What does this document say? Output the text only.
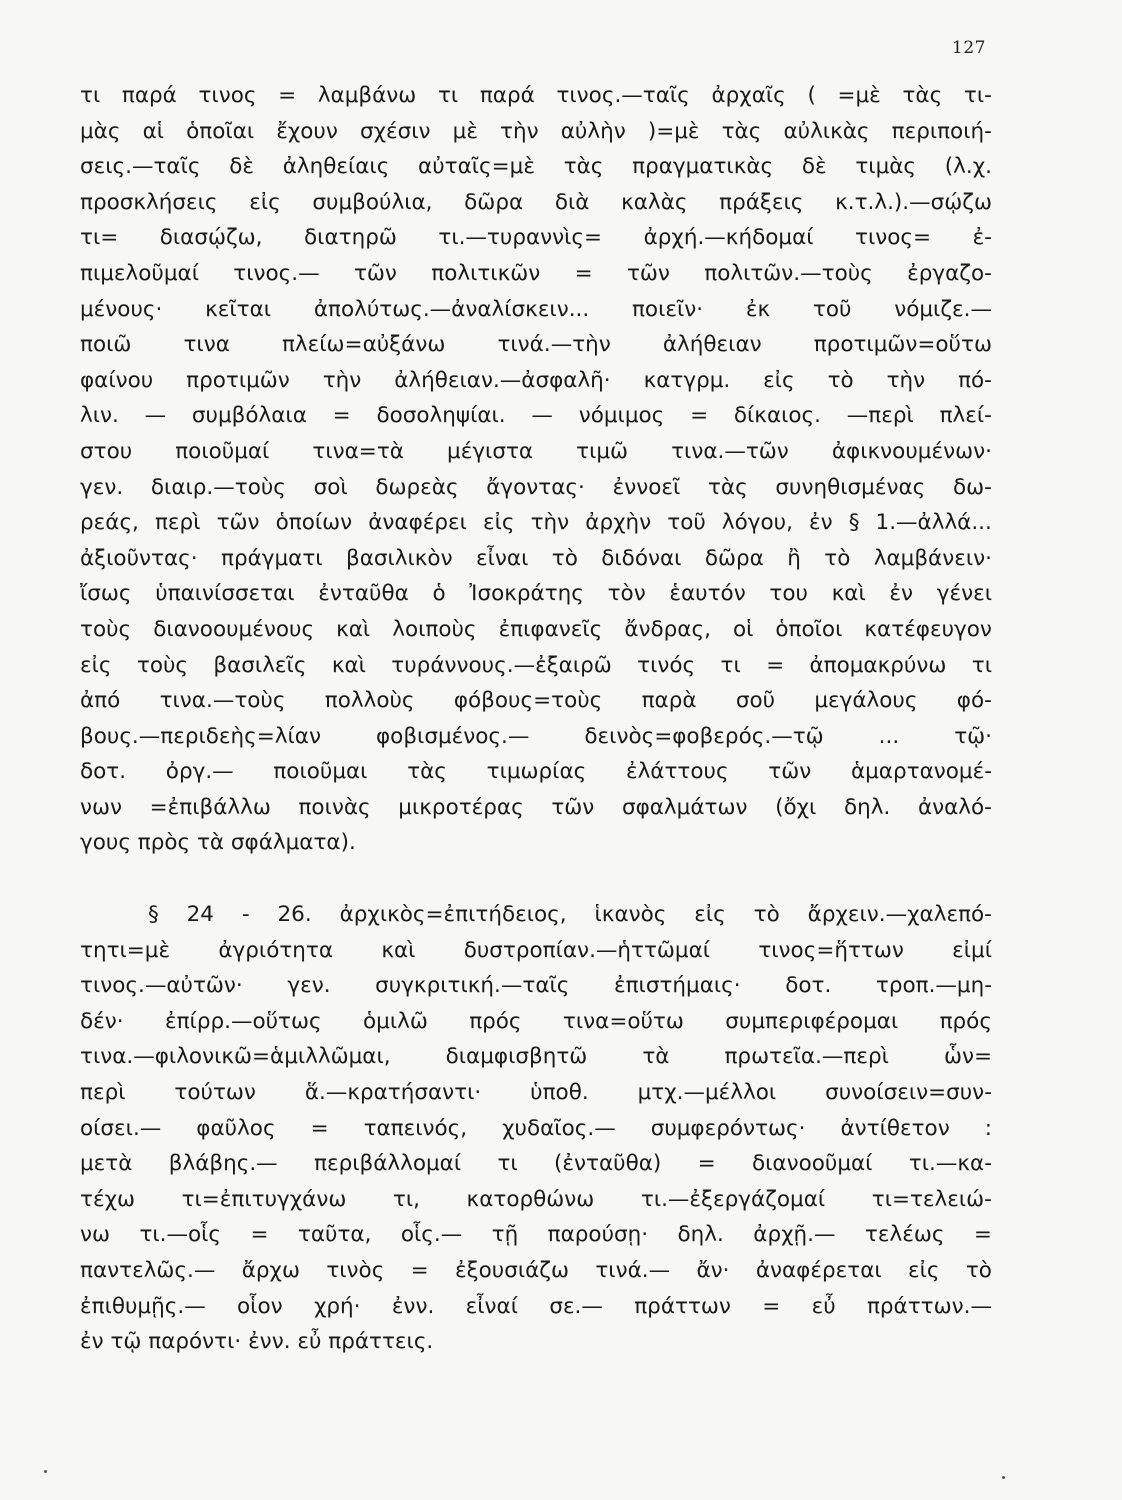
127
τι παρά τινος = λαμβάνω τι παρά τινος.—ταῖς ἀρχαῖς ( =μὲ τὰς τι-
μὰς αἱ ὁποῖαι ἔχουν σχέσιν μὲ τὴν αὐλὴν )=μὲ τὰς αὐλικὰς περιποιή-
σεις.—ταῖς δὲ ἀληθείαις αὐταῖς=μὲ τὰς πραγματικὰς δὲ τιμὰς (λ.χ.
προσκλήσεις εἰς συμβούλια, δῶρα διὰ καλὰς πράξεις κ.τ.λ.).—σῴζω
τι= διασῴζω, διατηρῶ τι.—τυραννὶς= ἀρχή.—κήδομαί τινος= ἐ-
πιμελοῦμαί τινος.— τῶν πολιτικῶν = τῶν πολιτῶν.—τοὺς ἐργαζο-
μένους· κεῖται ἀπολύτως.—ἀναλίσκειν... ποιεῖν· ἐκ τοῦ νόμιζε.—
ποιῶ τινα πλείω=αὐξάνω τινά.—τὴν ἀλήθειαν προτιμῶν=οὕτω
φαίνου προτιμῶν τὴν ἀλήθειαν.—ἀσφαλῆ· κατγρμ. εἰς τὸ τὴν πό-
λιν. — συμβόλαια = δοσοληψίαι. — νόμιμος = δίκαιος. —περὶ πλεί-
στου ποιοῦμαί τινα=τὰ μέγιστα τιμῶ τινα.—τῶν ἀφικνουμένων·
γεν. διαιρ.—τοὺς σοὶ δωρεὰς ἄγοντας· ἐννοεῖ τὰς συνηθισμένας δω-
ρεάς, περὶ τῶν ὁποίων ἀναφέρει εἰς τὴν ἀρχὴν τοῦ λόγου, ἐν § 1.—ἀλλά...
ἀξιοῦντας· πράγματι βασιλικὸν εἶναι τὸ διδόναι δῶρα ἢ τὸ λαμβάνειν·
ἴσως ὑπαινίσσεται ἐνταῦθα ὁ Ἰσοκράτης τὸν ἑαυτόν του καὶ ἐν γένει
τοὺς διανοουμένους καὶ λοιποὺς ἐπιφανεῖς ἄνδρας, οἱ ὁποῖοι κατέφευγον
εἰς τοὺς βασιλεῖς καὶ τυράννους.—ἐξαιρῶ τινός τι = ἀπομακρύνω τι
ἀπό τινα.—τοὺς πολλοὺς φόβους=τοὺς παρὰ σοῦ μεγάλους φό-
βους.—περιδεὴς=λίαν	φοβισμένος.—	δεινὸς=φοβερός.—τῷ	...	τῷ·
δοτ. ὀργ.— ποιοῦμαι τὰς τιμωρίας ἐλάττους τῶν ἁμαρτανομέ-
νων =ἐπιβάλλω ποινὰς μικροτέρας τῶν σφαλμάτων (ὄχι δηλ. ἀναλό-
γους πρὸς τὰ σφάλματα).
§ 24 - 26. ἀρχικὸς=ἐπιτήδειος, ἱκανὸς εἰς τὸ ἄρχειν.—χαλεπό-
τητι=μὲ ἀγριότητα καὶ δυστροπίαν.—ἡττῶμαί τινος=ἥττων εἰμί
τινος.—αὐτῶν· γεν. συγκριτική.—ταῖς ἐπιστήμαις· δοτ. τροπ.—μη-
δέν· ἐπίρρ.—οὕτως ὁμιλῶ πρός τινα=οὕτω συμπεριφέρομαι πρός
τινα.—φιλονικῶ=ἁμιλλῶμαι,	διαμφισβητῶ	τὰ	πρωτεῖα.—περὶ	ὧν=
περὶ τούτων ἅ.—κρατήσαντι· ὑποθ. μτχ.—μέλλοι συνοίσειν=συν-
οίσει.— φαῦλος = ταπεινός, χυδαῖος.— συμφερόντως· ἀντίθετον :
μετὰ βλάβης.— περιβάλλομαί τι (ἐνταῦθα) = διανοοῦμαί τι.—κα-
τέχω τι=ἐπιτυγχάνω τι, κατορθώνω τι.—ἐξεργάζομαί τι=τελειώ-
νω τι.—οἷς = ταῦτα, οἷς.— τῇ παρούσῃ· δηλ. ἀρχῇ.— τελέως =
παντελῶς.— ἄρχω τινὸς = ἐξουσιάζω τινά.— ἄν· ἀναφέρεται εἰς τὸ
ἐπιθυμῇς.— οἷον χρή· ἐνν. εἶναί σε.— πράττων = εὖ πράττων.—
ἐν τῷ παρόντι· ἐνν. εὖ πράττεις.
